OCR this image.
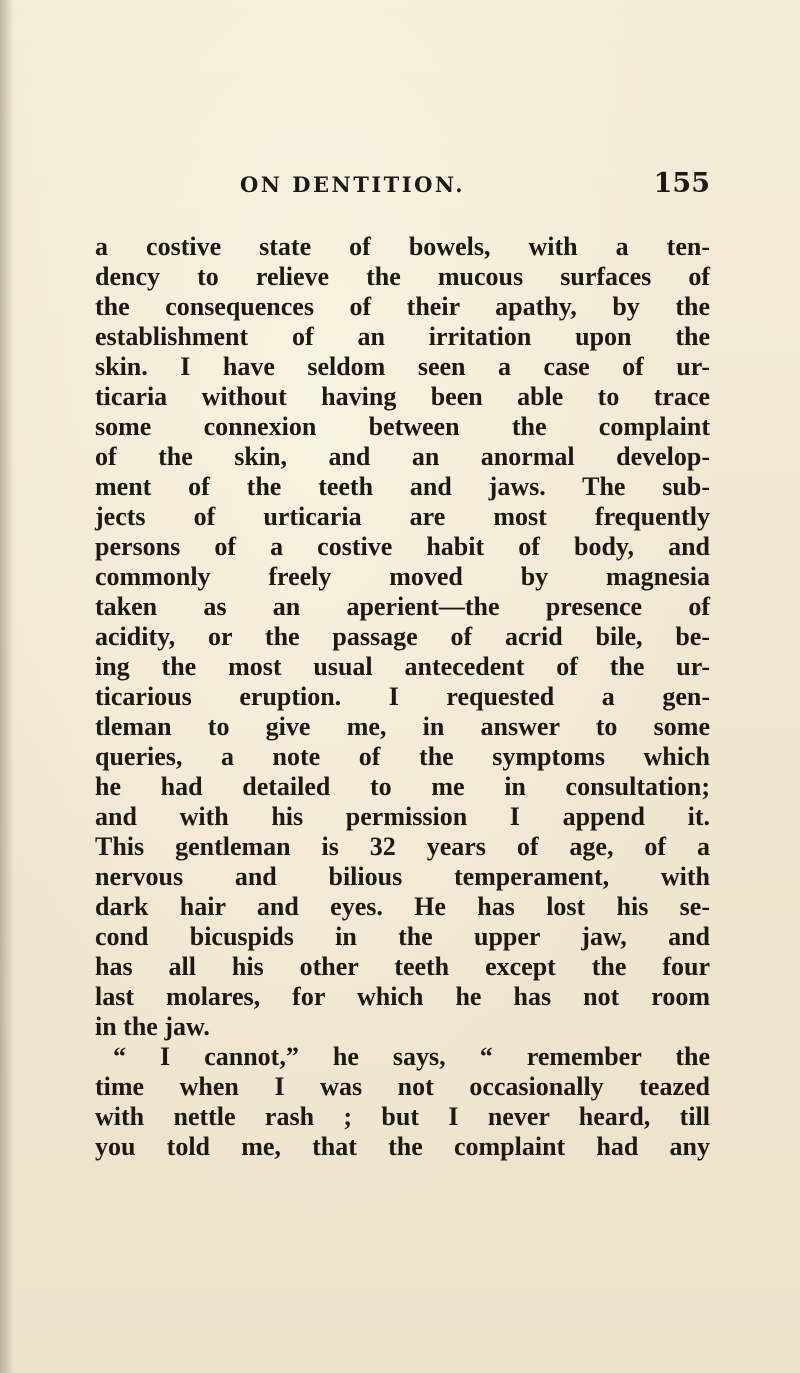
ON DENTITION.	155
a costive state of bowels, with a ten-
dency to relieve the mucous surfaces of
the consequences of their apathy, by the
establishment of an irritation upon the
skin. I have seldom seen a case of ur-
ticaria without having been able to trace
some connexion between the complaint
of the skin, and an anormal develop-
ment of the teeth and jaws. The sub-
jects of urticaria are most frequently
persons of a costive habit of body, and
commonly freely moved by magnesia
taken as an aperient—the presence of
acidity, or the passage of acrid bile, be-
ing the most usual antecedent of the ur-
ticarious eruption. I requested a gen-
tleman to give me, in answer to some
queries, a note of the symptoms which
he had detailed to me in consultation;
and with his permission I append it.
This gentleman is 32 years of age, of a
nervous and bilious temperament, with
dark hair and eyes. He has lost his se-
cond bicuspids in the upper jaw, and
has all his other teeth except the four
last molares, for which he has not room
in the jaw.
“ I cannot,” he says, “ remember the
time when I was not occasionally teazed
with nettle rash ; but I never heard, till
you told me, that the complaint had any
